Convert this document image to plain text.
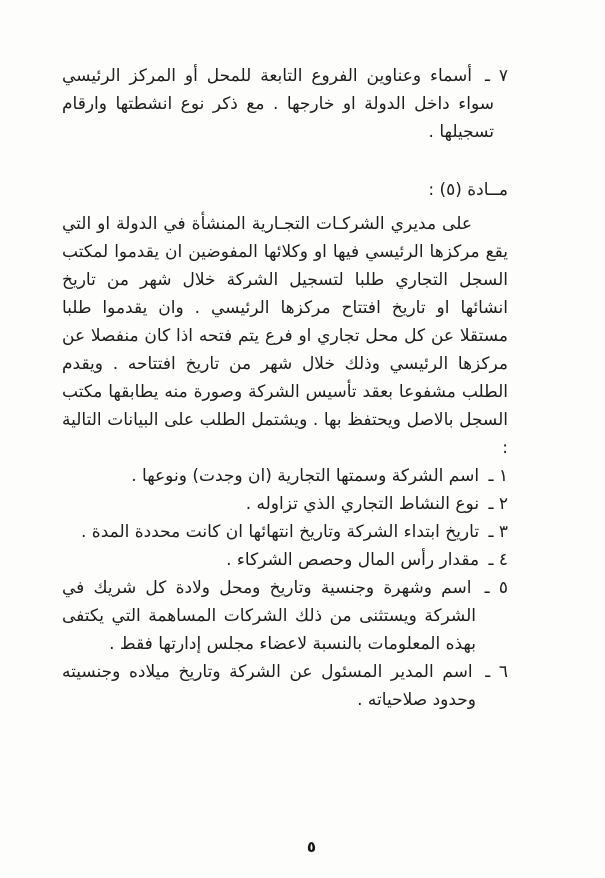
٧ ـ أسماء وعناوين الفروع التابعة للمحل أو المركز الرئيسي سواء داخل الدولة او خارجها . مع ذكر نوع انشطتها وارقام تسجيلها .
مــادة (٥) :

على مديري الشركـات التجـارية المنشأة في الدولة او التي يقع مركزها الرئيسي فيها او وكلائها المفوضين ان يقدموا لمكتب السجل التجاري طلبا لتسجيل الشركة خلال شهر من تاريخ انشائها او تاريخ افتتاح مركزها الرئيسي . وان يقدموا طلبا مستقلا عن كل محل تجاري او فرع يتم فتحه اذا كان منفصلا عن مركزها الرئيسي وذلك خلال شهر من تاريخ افتتاحه . ويقدم الطلب مشفوعا بعقد تأسيس الشركة وصورة منه يطابقها مكتب السجل بالاصل ويحتفظ بها . ويشتمل الطلب على البيانات التالية :

١ ـ اسم الشركة وسمتها التجارية (ان وجدت) ونوعها .
٢ ـ نوع النشاط التجاري الذي تزاوله .
٣ ـ تاريخ ابتداء الشركة وتاريخ انتهائها ان كانت محددة المدة .
٤ ـ مقدار رأس المال وحصص الشركاء .
٥ ـ اسم وشهرة وجنسية وتاريخ ومحل ولادة كل شريك في الشركة ويستثنى من ذلك الشركات المساهمة التي يكتفى بهذه المعلومات بالنسبة لاعضاء مجلس إدارتها فقط .
٦ ـ اسم المدير المسئول عن الشركة وتاريخ ميلاده وجنسيته وحدود صلاحياته .
٥
